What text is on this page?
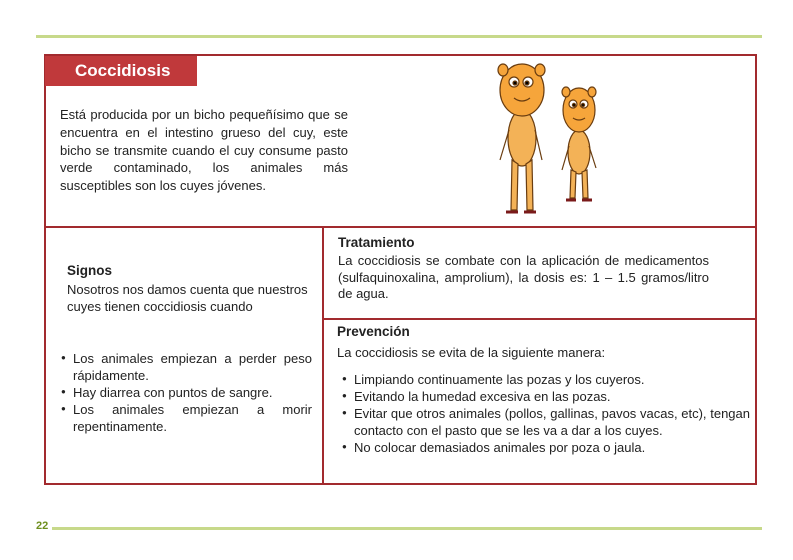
Coccidiosis
Está producida por un bicho pequeñísimo que se encuentra en el intestino grueso del cuy, este bicho se transmite cuando el cuy consume pasto verde contaminado, los animales más susceptibles son los cuyes jóvenes.
Signos
Nosotros nos damos cuenta que nuestros cuyes tienen coccidiosis cuando
● Los animales empiezan a perder peso rápidamente.
● Hay diarrea con puntos de sangre.
● Los animales empiezan a morir repentinamente.
Tratamiento
La coccidiosis se combate con la aplicación de medicamentos (sulfaquinoxalina, amprolium), la dosis es: 1 – 1.5 gramos/litro de agua.
Prevención
La coccidiosis se evita de la siguiente manera:
● Limpiando continuamente las pozas y los cuyeros.
● Evitando la humedad excesiva en las pozas.
● Evitar que otros animales (pollos, gallinas, pavos vacas, etc), tengan contacto con el pasto que se les va a dar a los cuyes.
● No colocar demasiados animales por poza o jaula.
22
